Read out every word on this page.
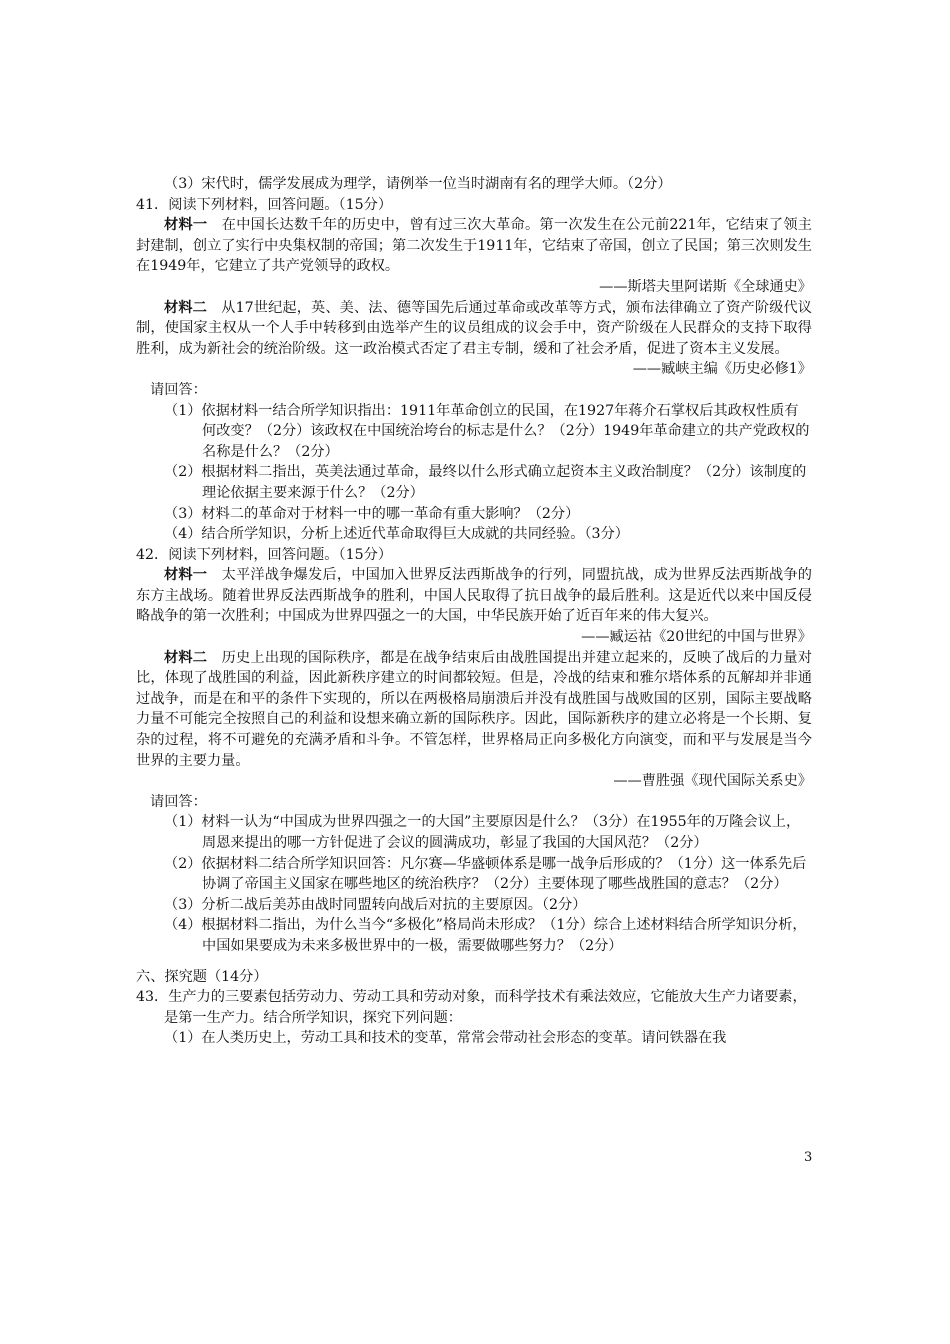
（3）宋代时，儒学发展成为理学，请例举一位当时湖南有名的理学大师。（2分）

41．阅读下列材料，回答问题。（15分）

材料一　在中国长达数千年的历史中，曾有过三次大革命。第一次发生在公元前221年，它结束了领主封建制，创立了实行中央集权制的帝国；第二次发生于1911年，它结束了帝国，创立了民国；第三次则发生在1949年，它建立了共产党领导的政权。

——斯塔夫里阿诺斯《全球通史》

材料二　从17世纪起，英、美、法、德等国先后通过革命或改革等方式，颁布法律确立了资产阶级代议制，使国家主权从一个人手中转移到由选举产生的议员组成的议会手中，资产阶级在人民群众的支持下取得胜利，成为新社会的统治阶级。这一政治模式否定了君主专制，缓和了社会矛盾，促进了资本主义发展。

——臧峡主编《历史必修1》

请回答：

（1）依据材料一结合所学知识指出：1911年革命创立的民国，在1927年蒋介石掌权后其政权性质有何改变？（2分）该政权在中国统治垮台的标志是什么？（2分）1949年革命建立的共产党政权的名称是什么？（2分）

（2）根据材料二指出，英美法通过革命，最终以什么形式确立起资本主义政治制度？（2分）该制度的理论依据主要来源于什么？（2分）

（3）材料二的革命对于材料一中的哪一革命有重大影响？（2分）

（4）结合所学知识，分析上述近代革命取得巨大成就的共同经验。（3分）

42．阅读下列材料，回答问题。（15分）

材料一　太平洋战争爆发后，中国加入世界反法西斯战争的行列，同盟抗战，成为世界反法西斯战争的东方主战场。随着世界反法西斯战争的胜利，中国人民取得了抗日战争的最后胜利。这是近代以来中国反侵略战争的第一次胜利；中国成为世界四强之一的大国，中华民族开始了近百年来的伟大复兴。

——臧运祜《20世纪的中国与世界》

材料二　历史上出现的国际秩序，都是在战争结束后由战胜国提出并建立起来的，反映了战后的力量对比，体现了战胜国的利益，因此新秩序建立的时间都较短。但是，冷战的结束和雅尔塔体系的瓦解却并非通过战争，而是在和平的条件下实现的，所以在两极格局崩溃后并没有战胜国与战败国的区别，国际主要战略力量不可能完全按照自己的利益和设想来确立新的国际秩序。因此，国际新秩序的建立必将是一个长期、复杂的过程，将不可避免的充满矛盾和斗争。不管怎样，世界格局正向多极化方向演变，而和平与发展是当今世界的主要力量。

——曹胜强《现代国际关系史》

请回答：

（1）材料一认为“中国成为世界四强之一的大国”主要原因是什么？（3分）在1955年的万隆会议上，周恩来提出的哪一方针促进了会议的圆满成功，彰显了我国的大国风范？（2分）

（2）依据材料二结合所学知识回答：凡尔赛—华盛顿体系是哪一战争后形成的？（1分）这一体系先后协调了帝国主义国家在哪些地区的统治秩序？（2分）主要体现了哪些战胜国的意志？（2分）

（3）分析二战后美苏由战时同盟转向战后对抗的主要原因。（2分）

（4）根据材料二指出，为什么当今“多极化”格局尚未形成？（1分）综合上述材料结合所学知识分析，中国如果要成为未来多极世界中的一极，需要做哪些努力？（2分）

六、探究题（14分）

43．生产力的三要素包括劳动力、劳动工具和劳动对象，而科学技术有乘法效应，它能放大生产力诸要素，是第一生产力。结合所学知识，探究下列问题：

（1）在人类历史上，劳动工具和技术的变革，常常会带动社会形态的变革。请问铁器在我

3
